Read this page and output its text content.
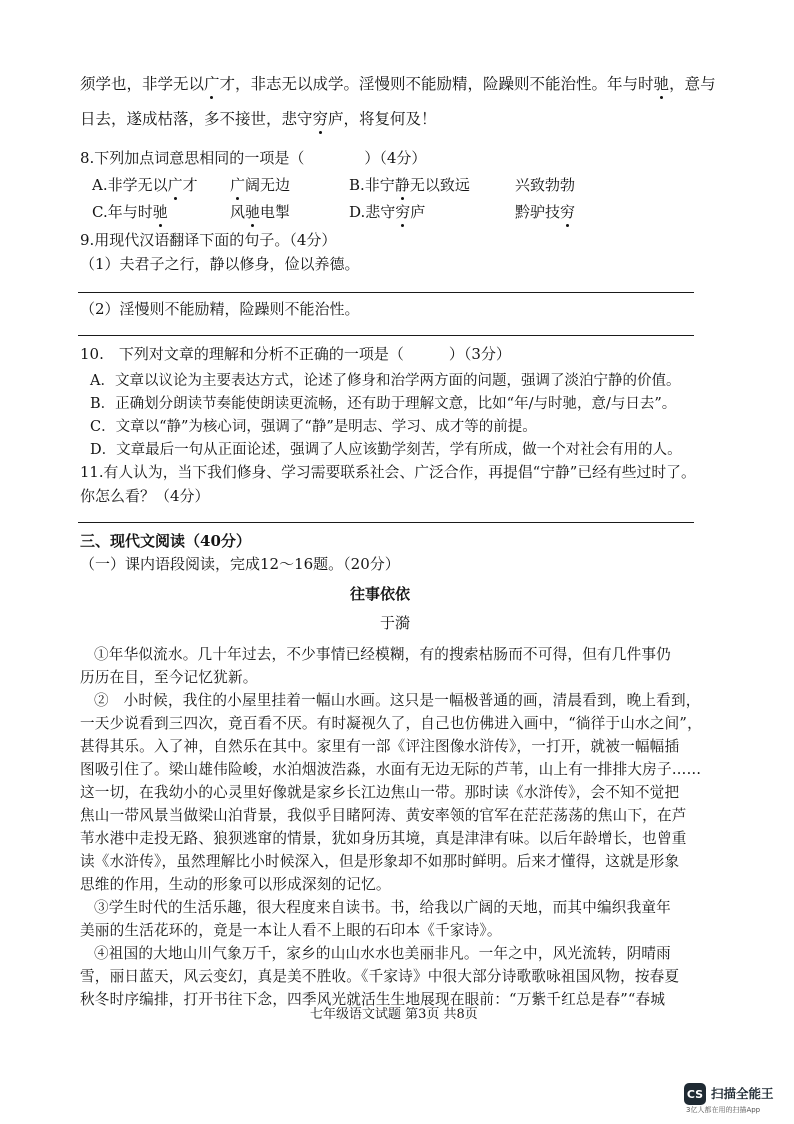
须学也，非学无以广才，非志无以成学。淫慢则不能励精，险躁则不能治性。年与时驰，意与
日去，遂成枯落，多不接世，悲守穷庐，将复何及！
8.下列加点词意思相同的一项是（　　　　）（4分）
A.非学无以广才 广阔无边	B.非宁静无以致远	兴致勃勃
C.年与时驰	风驰电掣	D.悲守穷庐	黔驴技穷
9.用现代汉语翻译下面的句子。（4分）
（1）夫君子之行，静以修身，俭以养德。
（2）淫慢则不能励精，险躁则不能治性。
10.　下列对文章的理解和分析不正确的一项是（　　　）（3分）
A．文章以议论为主要表达方式，论述了修身和治学两方面的问题，强调了淡泊宁静的价值。
B．正确划分朗读节奏能使朗读更流畅，还有助于理解文意，比如“年/与时驰，意/与日去”。
C．文章以“静”为核心词，强调了“静”是明志、学习、成才等的前提。
D．文章最后一句从正面论述，强调了人应该勤学刻苦，学有所成，做一个对社会有用的人。
11.有人认为，当下我们修身、学习需要联系社会、广泛合作，再提倡“宁静”已经有些过时了。
你怎么看？（4分）
三、现代文阅读（40分）
（一）课内语段阅读，完成12～16题。（20分）
往事依依
于漪
①年华似流水。几十年过去，不少事情已经模糊，有的搜索枯肠而不可得，但有几件事仍
历历在目，至今记忆犹新。
②　小时候，我住的小屋里挂着一幅山水画。这只是一幅极普通的画，清晨看到，晚上看到，
一天少说看到三四次，竟百看不厌。有时凝视久了，自己也仿佛进入画中，“徜徉于山水之间”，
甚得其乐。入了神，自然乐在其中。家里有一部《评注图像水浒传》，一打开，就被一幅幅插
图吸引住了。梁山雄伟险峻，水泊烟波浩淼，水面有无边无际的芦苇，山上有一排排大房子……
这一切，在我幼小的心灵里好像就是家乡长江边焦山一带。那时读《水浒传》，会不知不觉把
焦山一带风景当做梁山泊背景，我似乎目睹阿涛、黄安率领的官军在茫茫荡荡的焦山下，在芦
苇水港中走投无路、狼狈逃窜的情景，犹如身历其境，真是津津有味。以后年龄增长，也曾重
读《水浒传》，虽然理解比小时候深入，但是形象却不如那时鲜明。后来才懂得，这就是形象
思维的作用，生动的形象可以形成深刻的记忆。
③学生时代的生活乐趣，很大程度来自读书。书，给我以广阔的天地，而其中编织我童年
美丽的生活花环的，竟是一本让人看不上眼的石印本《千家诗》。
④祖国的大地山川气象万千，家乡的山山水水也美丽非凡。一年之中，风光流转，阴晴雨
雪，丽日蓝天，风云变幻，真是美不胜收。《千家诗》中很大部分诗歌歌咏祖国风物，按春夏
秋冬时序编排，打开书往下念，四季风光就活生生地展现在眼前：“万紫千红总是春”“春城
七年级语文试题 第3页 共8页
CS 扫描全能王
3亿人都在用的扫描App
